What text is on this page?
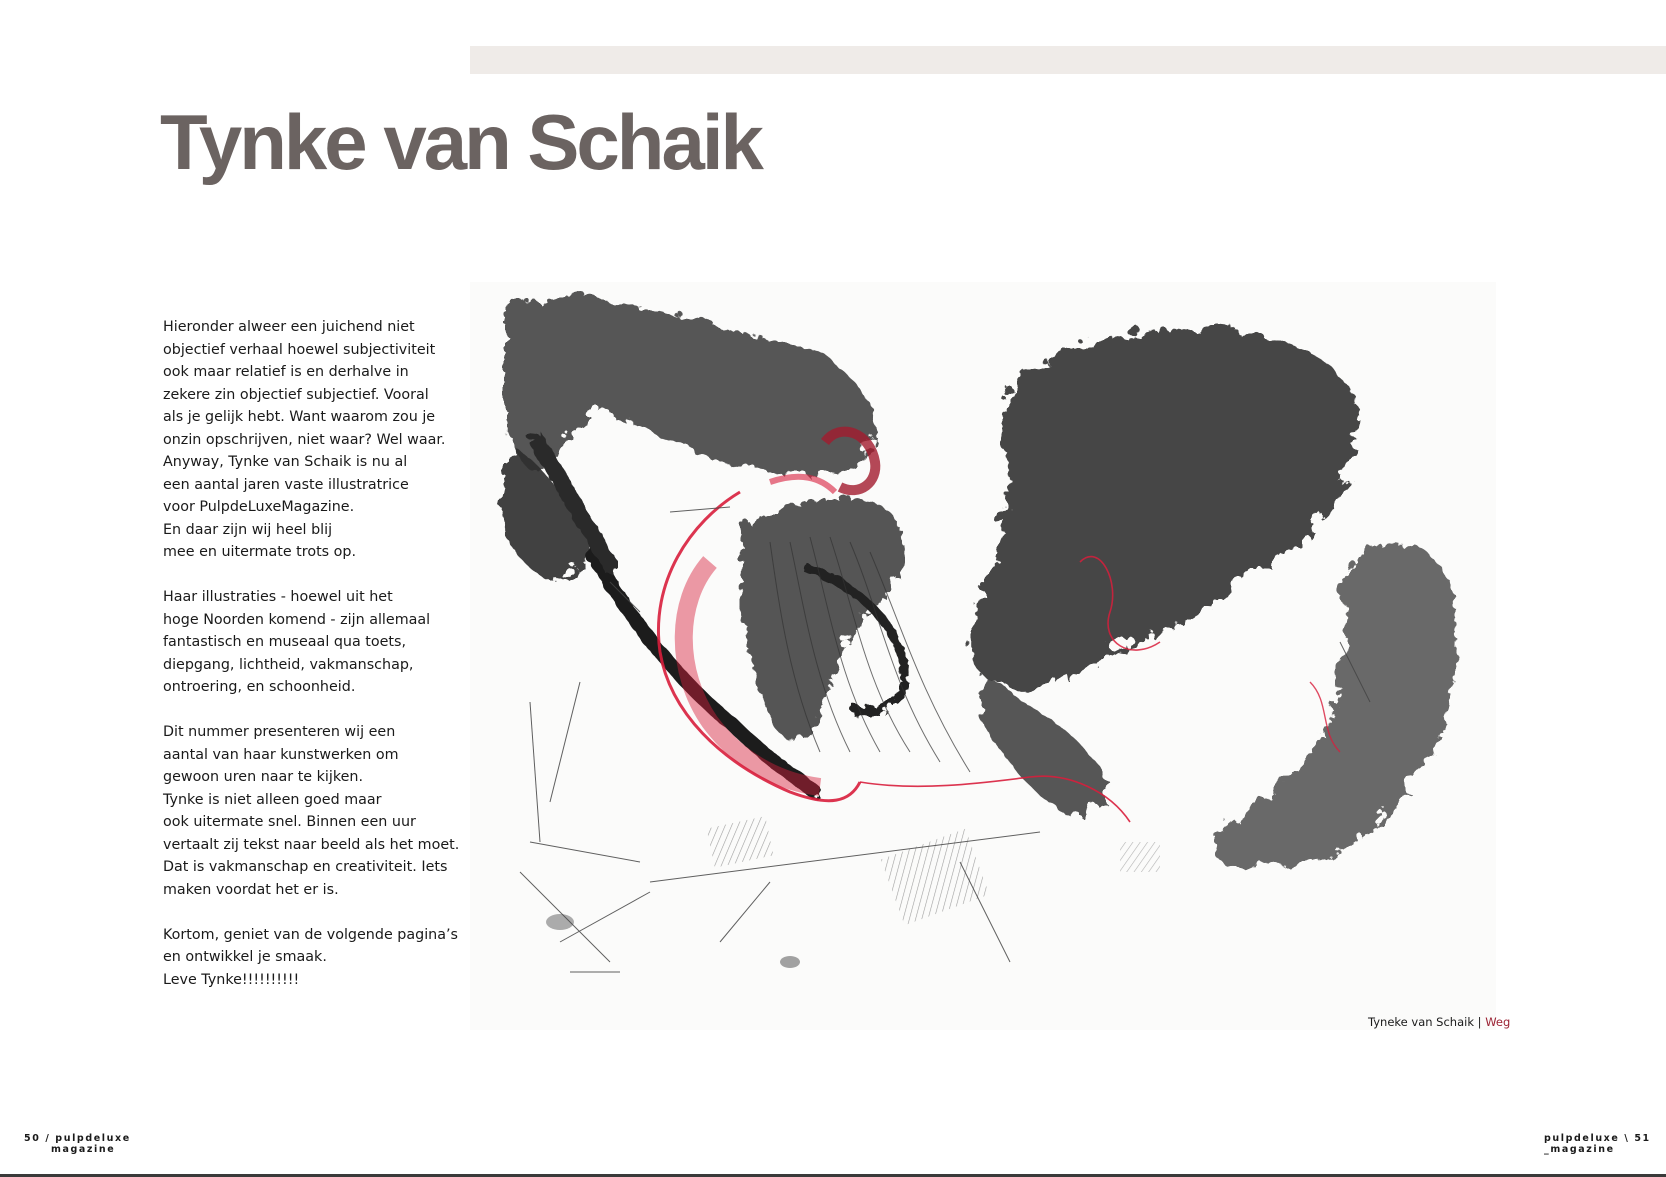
Tynke van Schaik

Hieronder alweer een juichend niet
objectief verhaal hoewel subjectiviteit
ook maar relatief is en derhalve in
zekere zin objectief subjectief. Vooral
als je gelijk hebt. Want waarom zou je
onzin opschrijven, niet waar? Wel waar.
Anyway, Tynke van Schaik is nu al
een aantal jaren vaste illustratrice
voor PulpdeLuxeMagazine.
En daar zijn wij heel blij
mee en uitermate trots op.

Haar illustraties - hoewel uit het
hoge Noorden komend - zijn allemaal
fantastisch en museaal qua toets,
diepgang, lichtheid, vakmanschap,
ontroering, en schoonheid.

Dit nummer presenteren wij een
aantal van haar kunstwerken om
gewoon uren naar te kijken.
Tynke is niet alleen goed maar
ook uitermate snel. Binnen een uur
vertaalt zij tekst naar beeld als het moet.
Dat is vakmanschap en creativiteit. Iets
maken voordat het er is.

Kortom, geniet van de volgende pagina’s
en ontwikkel je smaak.
Leve Tynke!!!!!!!!!!

Tyneke van Schaik | Weg
50 / pulpdeluxe
magazine
pulpdeluxe \ 51
_magazine
